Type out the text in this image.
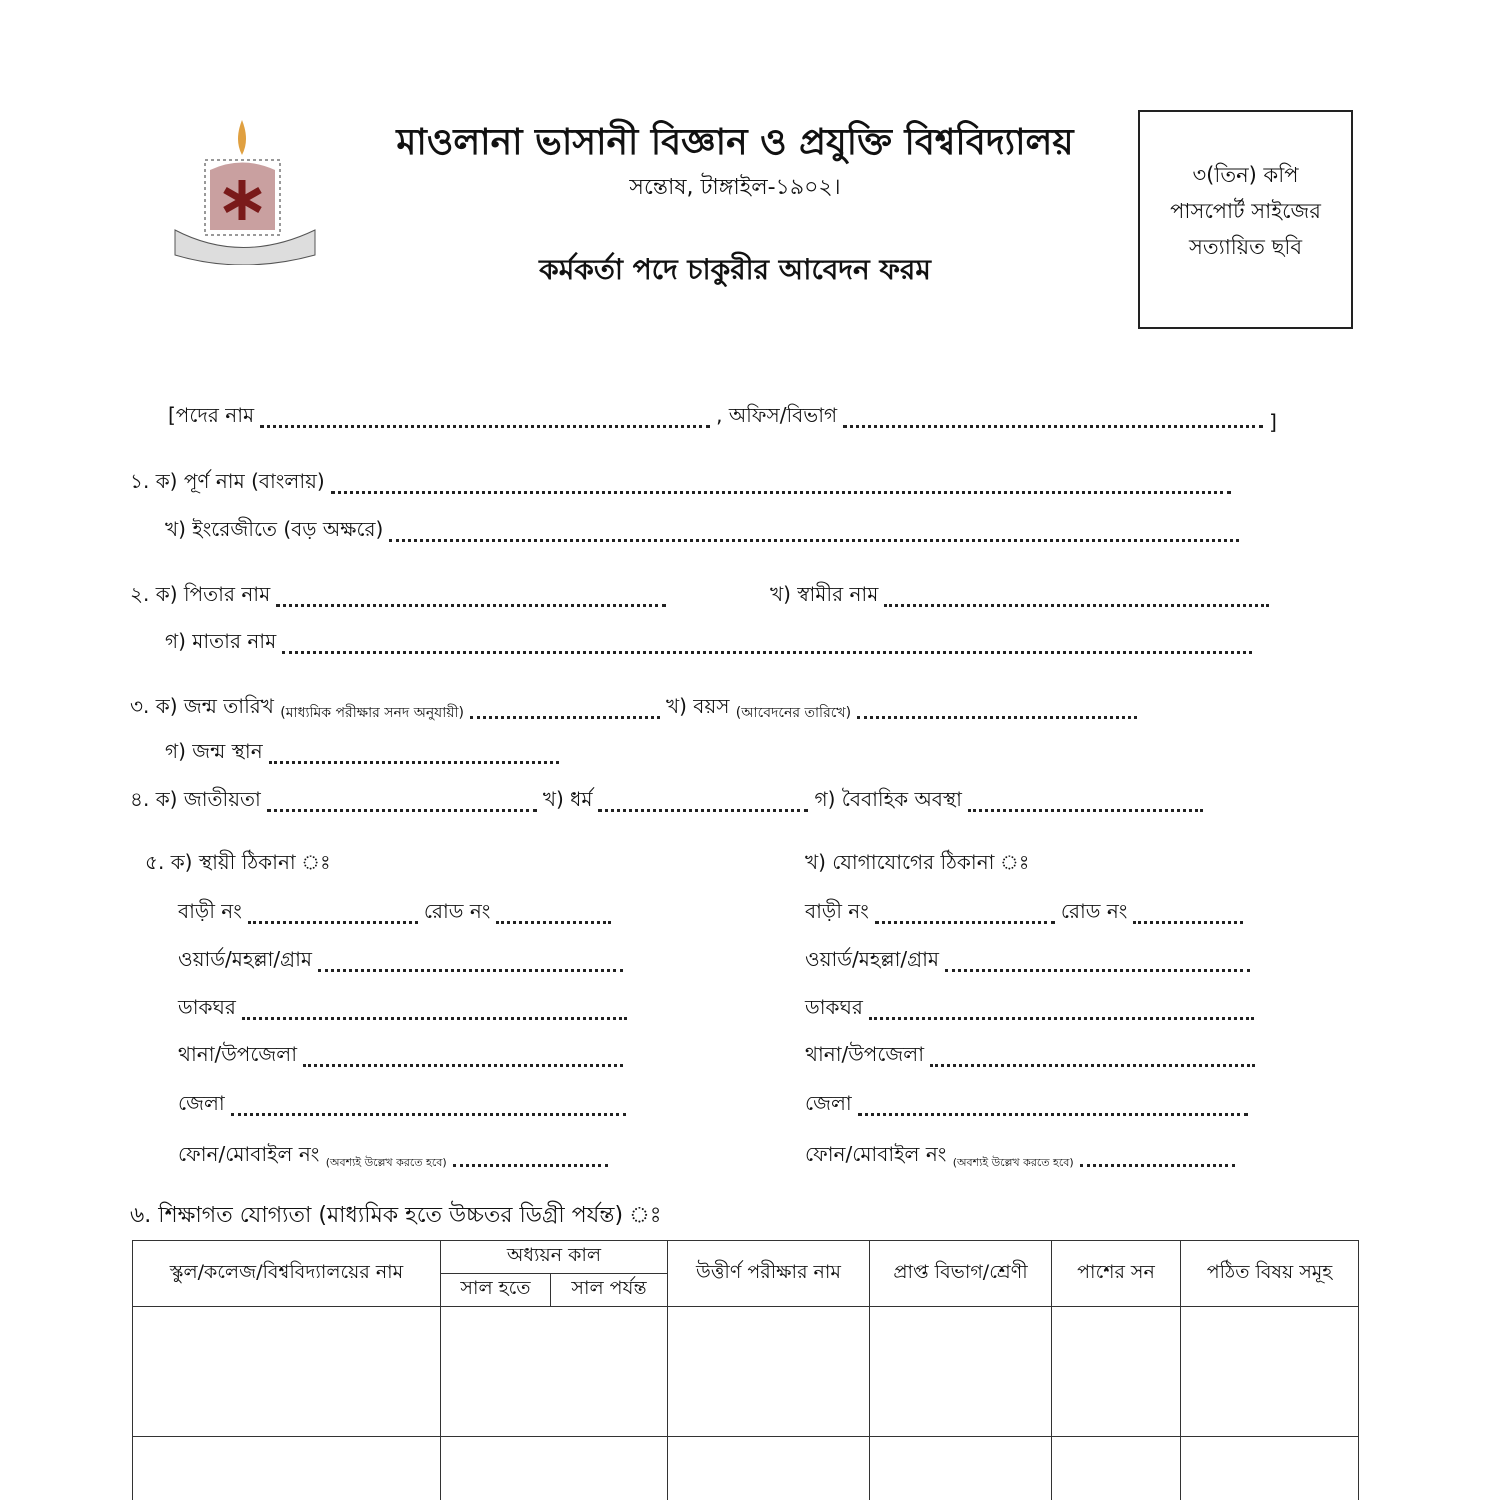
মাওলানা ভাসানী বিজ্ঞান ও প্রযুক্তি বিশ্ববিদ্যালয়
সন্তোষ, টাঙ্গাইল-১৯০২।
কর্মকর্তা পদে চাকুরীর আবেদন ফরম
৩(তিন) কপি
পাসপোর্ট সাইজের
সত্যায়িত ছবি
[পদের নাম	, অফিস/বিভাগ	]
১. ক) পূর্ণ নাম (বাংলায়)
খ) ইংরেজীতে (বড় অক্ষরে)
২. ক) পিতার নাম	খ) স্বামীর নাম
গ) মাতার নাম
৩. ক) জন্ম তারিখ
(মাধ্যমিক পরীক্ষার সনদ অনুযায়ী)	খ) বয়স
(আবেদনের তারিখে)
গ) জন্ম স্থান
৪. ক) জাতীয়তা	খ) ধর্ম	গ) বৈবাহিক অবস্থা
৫. ক) স্থায়ী ঠিকানা ঃ	খ) যোগাযোগের ঠিকানা ঃ
বাড়ী নং	রোড নং
ওয়ার্ড/মহল্লা/গ্রাম
ডাকঘর
থানা/উপজেলা
জেলা
ফোন/মোবাইল নং
(অবশ্যই উল্লেখ করতে হবে)
বাড়ী নং	রোড নং
ওয়ার্ড/মহল্লা/গ্রাম
ডাকঘর
থানা/উপজেলা
জেলা
ফোন/মোবাইল নং
(অবশ্যই উল্লেখ করতে হবে)
৬. শিক্ষাগত যোগ্যতা (মাধ্যমিক হতে উচ্চতর ডিগ্রী পর্যন্ত) ঃ
স্কুল/কলেজ/বিশ্ববিদ্যালয়ের নাম	অধ্যয়ন কাল		উত্তীর্ণ পরীক্ষার নাম	প্রাপ্ত বিভাগ/শ্রেণী	পাশের সন	পঠিত বিষয় সমূহ
	সাল হতে	সাল পর্যন্ত				
